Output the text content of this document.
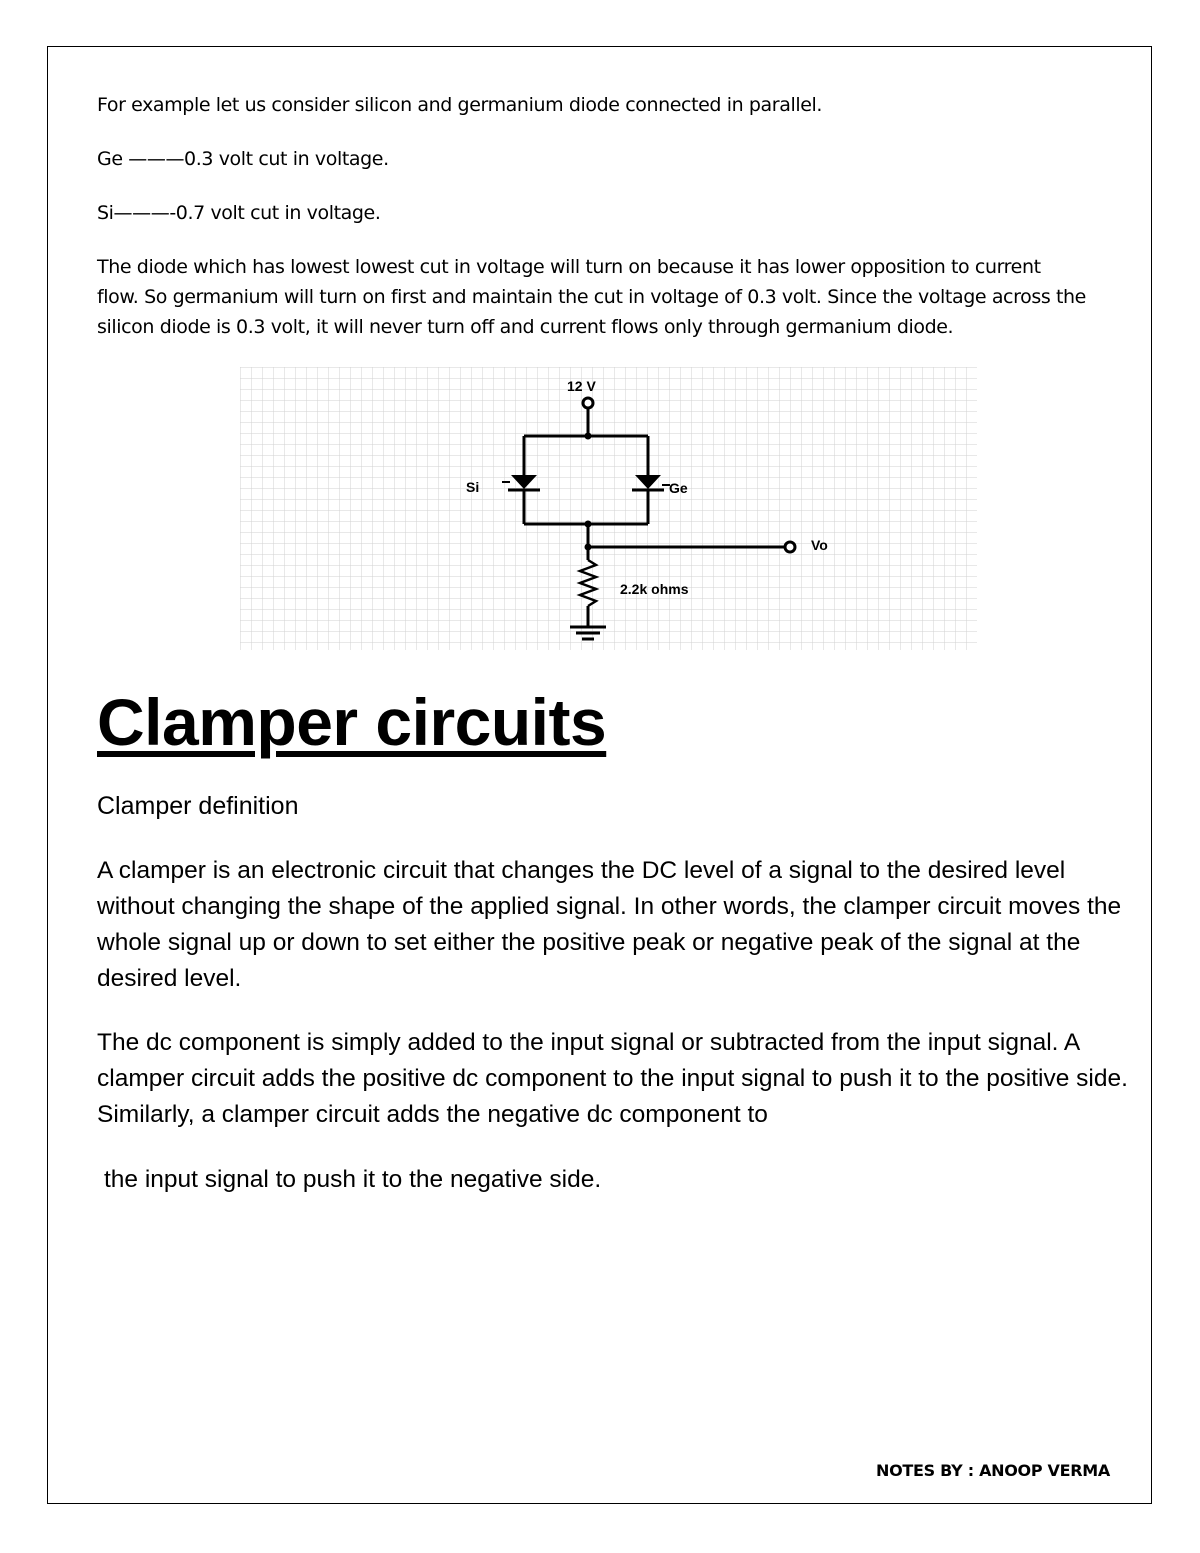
For example let us consider silicon and germanium diode connected in parallel.
Ge ———0.3 volt cut in voltage.
Si———-0.7 volt cut in voltage.
The diode which has lowest lowest cut in voltage will turn on because it has lower opposition to current flow. So germanium will turn on first and maintain the cut in voltage of 0.3 volt. Since the voltage across the silicon diode is 0.3 volt, it will never turn off and current flows only through germanium diode.
12 V
Si	Ge
Vo
2.2k ohms
Clamper circuits
Clamper definition
A clamper is an electronic circuit that changes the DC level of a signal to the desired level without changing the shape of the applied signal. In other words, the clamper circuit moves the whole signal up or down to set either the positive peak or negative peak of the signal at the desired level.
The dc component is simply added to the input signal or subtracted from the input signal. A clamper circuit adds the positive dc component to the input signal to push it to the positive side. Similarly, a clamper circuit adds the negative dc component to
the input signal to push it to the negative side.
NOTES BY : ANOOP VERMA
